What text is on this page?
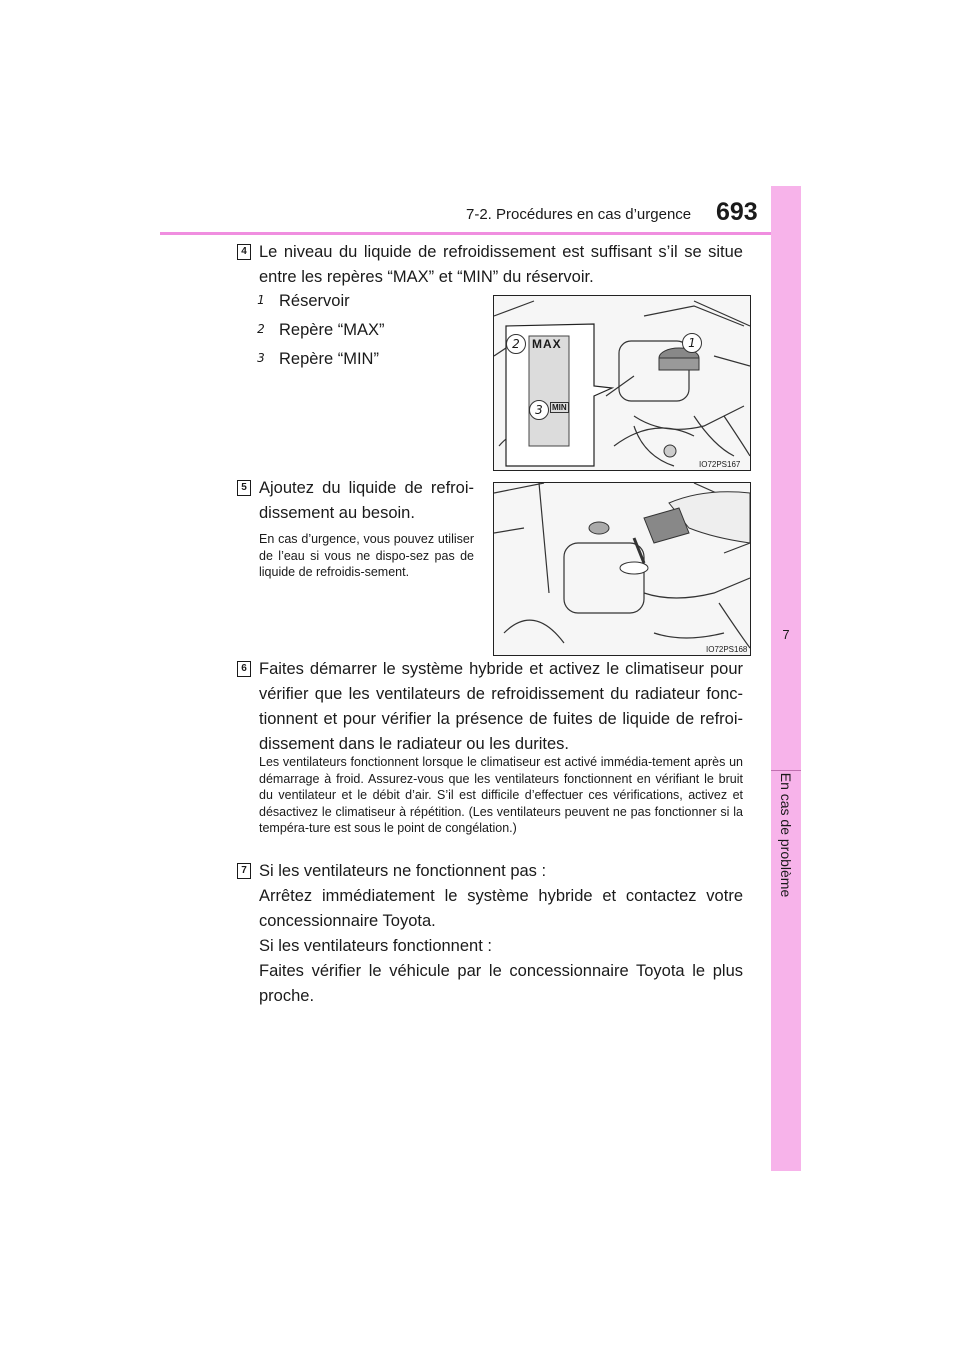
7-2. Procédures en cas d’urgence 693
7
En cas de problème
4 Le niveau du liquide de refroidissement est suffisant s’il se situe entre les repères “MAX” et “MIN” du réservoir.
1 Réservoir
2 Repère “MAX”
3 Repère “MIN”
MAX
MIN
1
2
3
IO72PS167
5 Ajoutez du liquide de refroi-dissement au besoin.
En cas d’urgence, vous pouvez utiliser de l’eau si vous ne dispo-sez pas de liquide de refroidis-sement.
IO72PS168
6 Faites démarrer le système hybride et activez le climatiseur pour vérifier que les ventilateurs de refroidissement du radiateur fonc-tionnent et pour vérifier la présence de fuites de liquide de refroi-dissement dans le radiateur ou les durites.
Les ventilateurs fonctionnent lorsque le climatiseur est activé immédia-tement après un démarrage à froid. Assurez-vous que les ventilateurs fonctionnent en vérifiant le bruit du ventilateur et le débit d’air. S’il est difficile d’effectuer ces vérifications, activez et désactivez le climatiseur à répétition. (Les ventilateurs peuvent ne pas fonctionner si la tempéra-ture est sous le point de congélation.)
7 Si les ventilateurs ne fonctionnent pas :
Arrêtez immédiatement le système hybride et contactez votre concessionnaire Toyota.
Si les ventilateurs fonctionnent :
Faites vérifier le véhicule par le concessionnaire Toyota le plus proche.
